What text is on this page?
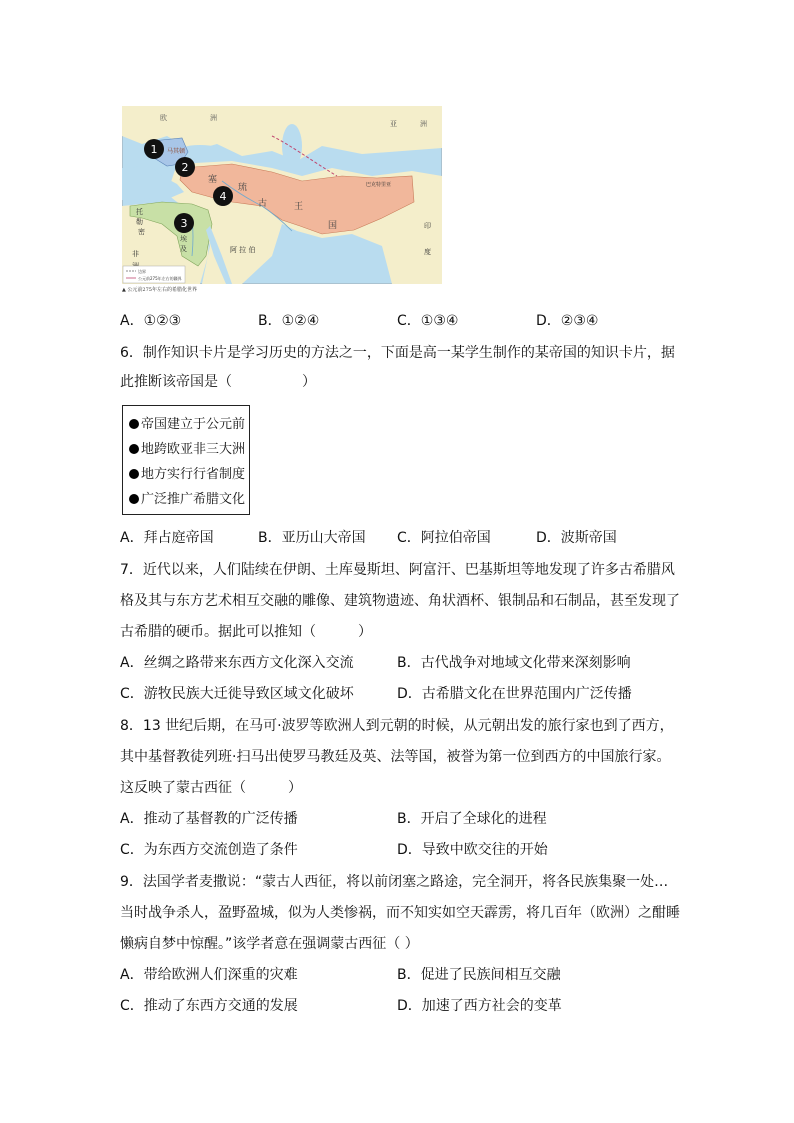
欧	洲
亚	洲
马 其 顿
塞
琉
古	王
国
托
勒
密
埃
及
非	阿 拉 伯
印
度
巴克特里亚
边界
公元前275年左右的疆界
1
2
4
3
▲ 公元前275年左右的希腊化世界
A．①②③	B．①②④	C．①③④	D．②③④
6．制作知识卡片是学习历史的方法之一，下面是高一某学生制作的某帝国的知识卡片，据
此推断该帝国是（　　　　　）
帝国建立于公元前
地跨欧亚非三大洲
地方实行行省制度
广泛推广希腊文化
A．拜占庭帝国	B．亚历山大帝国 C．阿拉伯帝国	D．波斯帝国
7．近代以来，人们陆续在伊朗、土库曼斯坦、阿富汗、巴基斯坦等地发现了许多古希腊风
格及其与东方艺术相互交融的雕像、建筑物遗迹、角状酒杯、银制品和石制品，甚至发现了
古希腊的硬币。据此可以推知（　　　）
A．丝绸之路带来东西方文化深入交流	B．古代战争对地域文化带来深刻影响
C．游牧民族大迁徙导致区域文化破坏	D．古希腊文化在世界范围内广泛传播
8．13 世纪后期，在马可·波罗等欧洲人到元朝的时候，从元朝出发的旅行家也到了西方，
其中基督教徒列班·扫马出使罗马教廷及英、法等国，被誉为第一位到西方的中国旅行家。
这反映了蒙古西征（　　　）
A．推动了基督教的广泛传播	B．开启了全球化的进程
C．为东西方交流创造了条件	D．导致中欧交往的开始
9．法国学者麦撒说：“蒙古人西征，将以前闭塞之路途，完全洞开，将各民族集聚一处…
当时战争杀人，盈野盈城，似为人类惨祸，而不知实如空天霹雳，将几百年（欧洲）之酣睡
懒病自梦中惊醒。”该学者意在强调蒙古西征（ ）
A．带给欧洲人们深重的灾难	B．促进了民族间相互交融
C．推动了东西方交通的发展	D．加速了西方社会的变革
